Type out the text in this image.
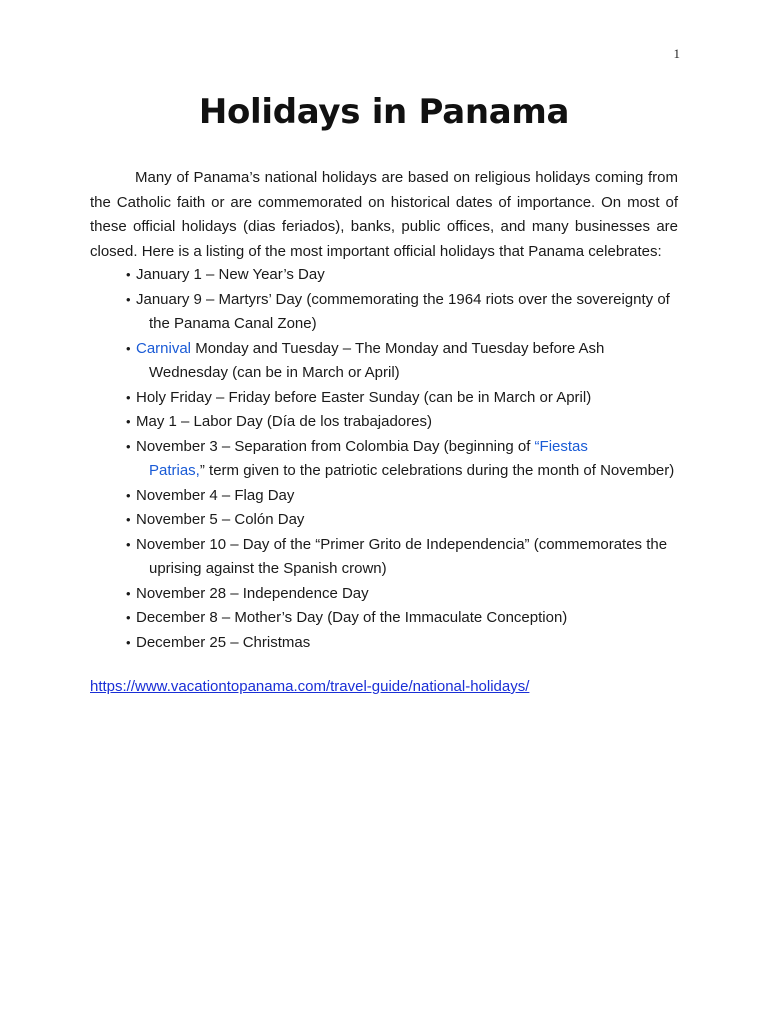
1
Holidays in Panama

Many of Panama’s national holidays are based on religious holidays coming from the Catholic faith or are commemorated on historical dates of importance. On most of these official holidays (dias feriados), banks, public offices, and many businesses are closed. Here is a listing of the most important official holidays that Panama celebrates:

• January 1 – New Year’s Day
• January 9 – Martyrs’ Day (commemorating the 1964 riots over the sovereignty of
the Panama Canal Zone)
• Carnival Monday and Tuesday – The Monday and Tuesday before Ash
Wednesday (can be in March or April)
• Holy Friday – Friday before Easter Sunday (can be in March or April)
• May 1 – Labor Day (Día de los trabajadores)
• November 3 – Separation from Colombia Day (beginning of “Fiestas
Patrias,” term given to the patriotic celebrations during the month of November)
• November 4 – Flag Day
• November 5 – Colón Day
• November 10 – Day of the “Primer Grito de Independencia” (commemorates the
uprising against the Spanish crown)
• November 28 – Independence Day
• December 8 – Mother’s Day (Day of the Immaculate Conception)
• December 25 – Christmas
https://www.vacationtopanama.com/travel-guide/national-holidays/
